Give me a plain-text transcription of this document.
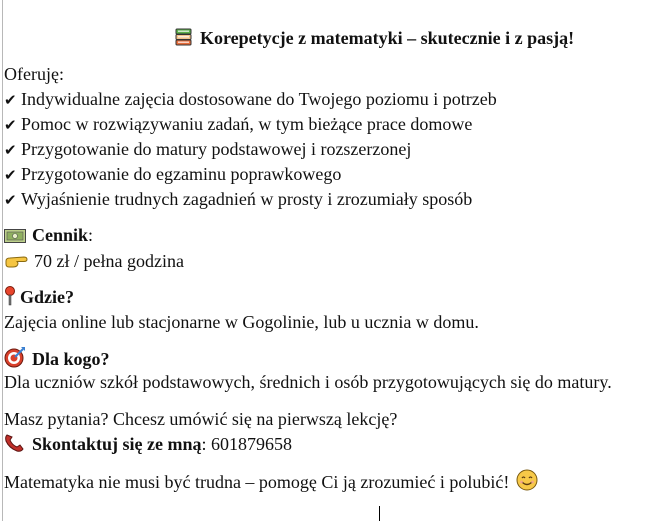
Korepetycje z matematyki – skutecznie i z pasją!
Oferuję:
✔ Indywidualne zajęcia dostosowane do Twojego poziomu i potrzeb
✔ Pomoc w rozwiązywaniu zadań, w tym bieżące prace domowe
✔ Przygotowanie do matury podstawowej i rozszerzonej
✔ Przygotowanie do egzaminu poprawkowego
✔ Wyjaśnienie trudnych zagadnień w prosty i zrozumiały sposób
Cennik:
70 zł / pełna godzina
Gdzie?
Zajęcia online lub stacjonarne w Gogolinie, lub u ucznia w domu.
Dla kogo?
Dla uczniów szkół podstawowych, średnich i osób przygotowujących się do matury.
Masz pytania? Chcesz umówić się na pierwszą lekcję?
Skontaktuj się ze mną: 601879658
Matematyka nie musi być trudna – pomogę Ci ją zrozumieć i polubić!
